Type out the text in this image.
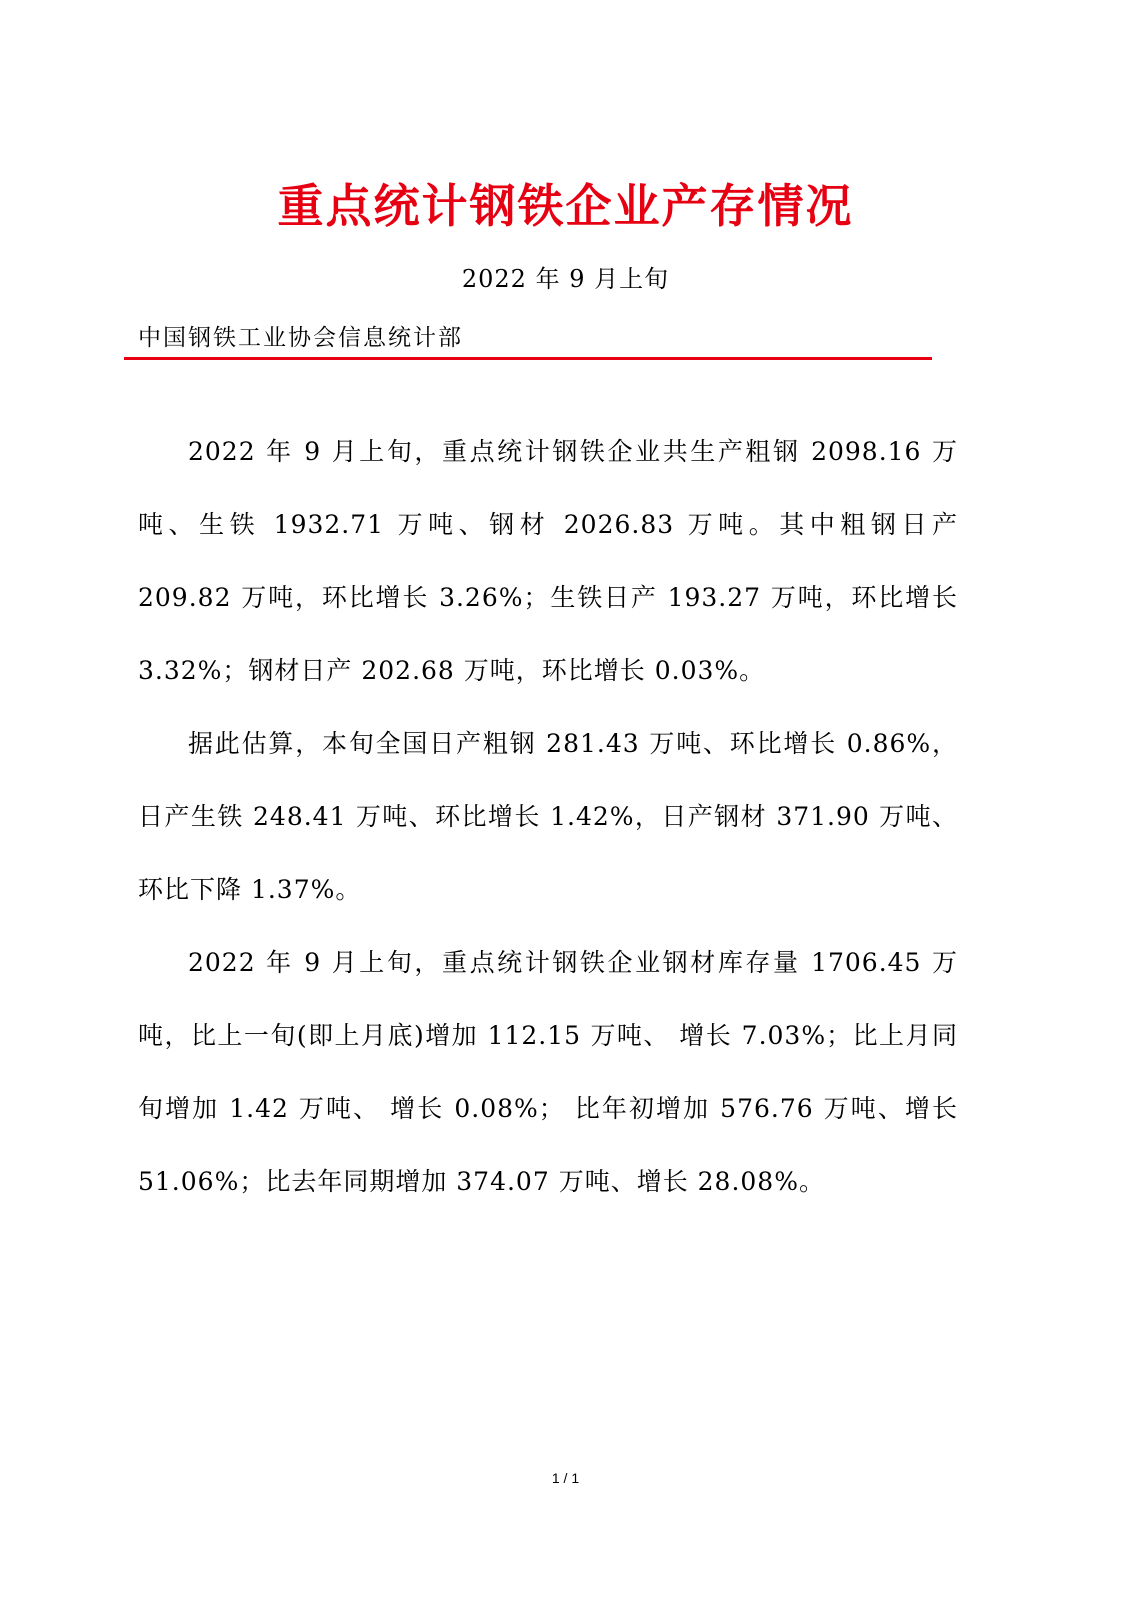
重点统计钢铁企业产存情况
2022 年 9 月上旬
中国钢铁工业协会信息统计部

2022 年 9 月上旬，重点统计钢铁企业共生产粗钢 2098.16 万吨、生铁 1932.71 万吨、钢材 2026.83 万吨。其中粗钢日产 209.82 万吨，环比增长 3.26%；生铁日产 193.27 万吨，环比增长 3.32%；钢材日产 202.68 万吨，环比增长 0.03%。

据此估算，本旬全国日产粗钢 281.43 万吨、环比增长 0.86%，日产生铁 248.41 万吨、环比增长 1.42%，日产钢材 371.90 万吨、环比下降 1.37%。

2022 年 9 月上旬，重点统计钢铁企业钢材库存量 1706.45 万吨，比上一旬(即上月底)增加 112.15 万吨、 增长 7.03%；比上月同旬增加 1.42 万吨、 增长 0.08%； 比年初增加 576.76 万吨、增长 51.06%；比去年同期增加 374.07 万吨、增长 28.08%。

1 / 1
